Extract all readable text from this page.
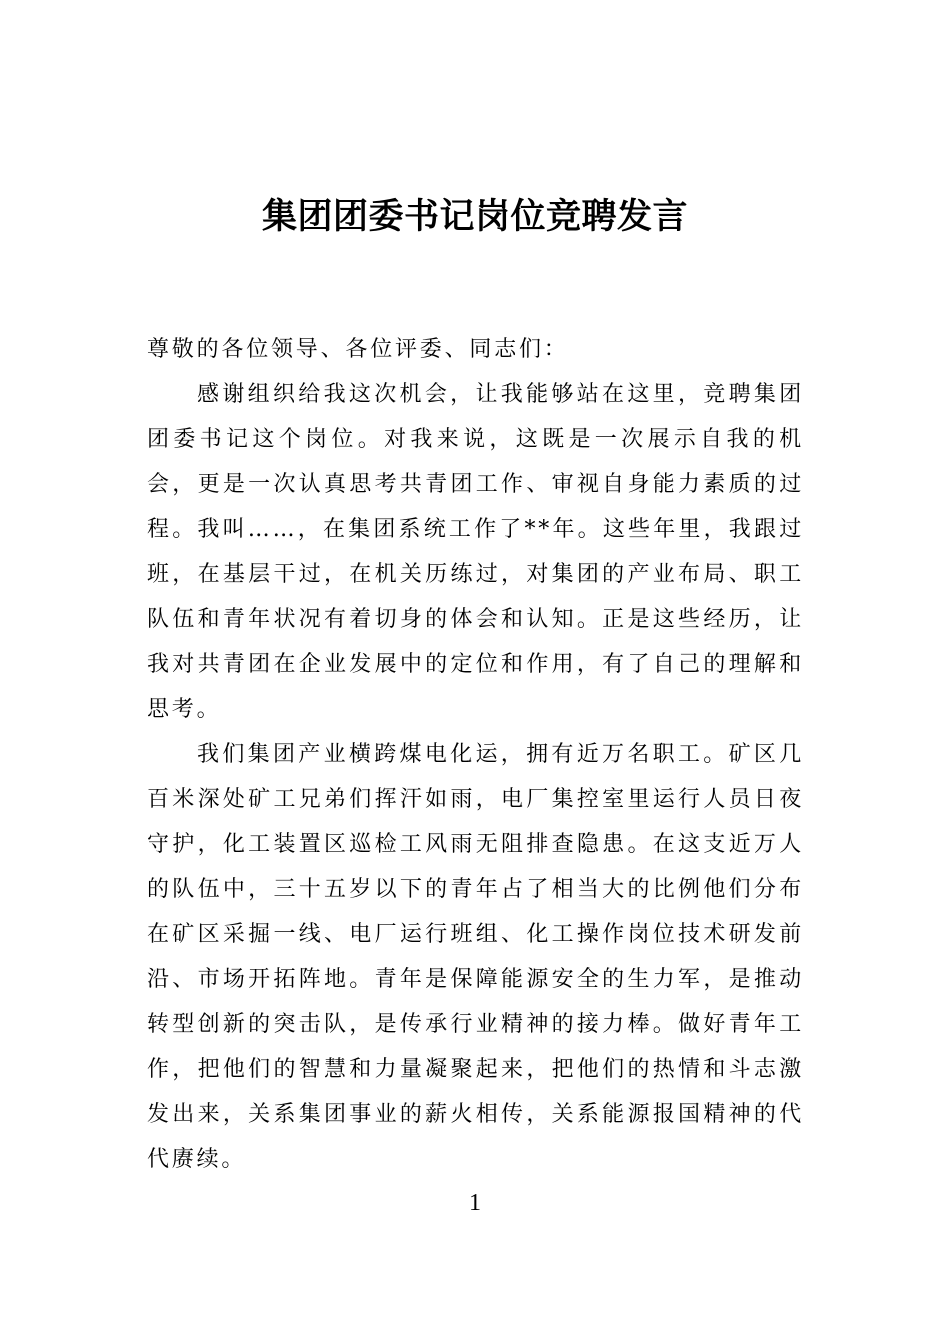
集团团委书记岗位竞聘发言

尊敬的各位领导、各位评委、同志们：

感谢组织给我这次机会，让我能够站在这里，竞聘集团团委书记这个岗位。对我来说，这既是一次展示自我的机会，更是一次认真思考共青团工作、审视自身能力素质的过程。我叫……，在集团系统工作了**年。这些年里，我跟过班，在基层干过，在机关历练过，对集团的产业布局、职工队伍和青年状况有着切身的体会和认知。正是这些经历，让我对共青团在企业发展中的定位和作用，有了自己的理解和思考。

我们集团产业横跨煤电化运，拥有近万名职工。矿区几百米深处矿工兄弟们挥汗如雨，电厂集控室里运行人员日夜守护，化工装置区巡检工风雨无阻排查隐患。在这支近万人的队伍中，三十五岁以下的青年占了相当大的比例他们分布在矿区采掘一线、电厂运行班组、化工操作岗位技术研发前沿、市场开拓阵地。青年是保障能源安全的生力军，是推动转型创新的突击队，是传承行业精神的接力棒。做好青年工作，把他们的智慧和力量凝聚起来，把他们的热情和斗志激发出来，关系集团事业的薪火相传，关系能源报国精神的代代赓续。

1
